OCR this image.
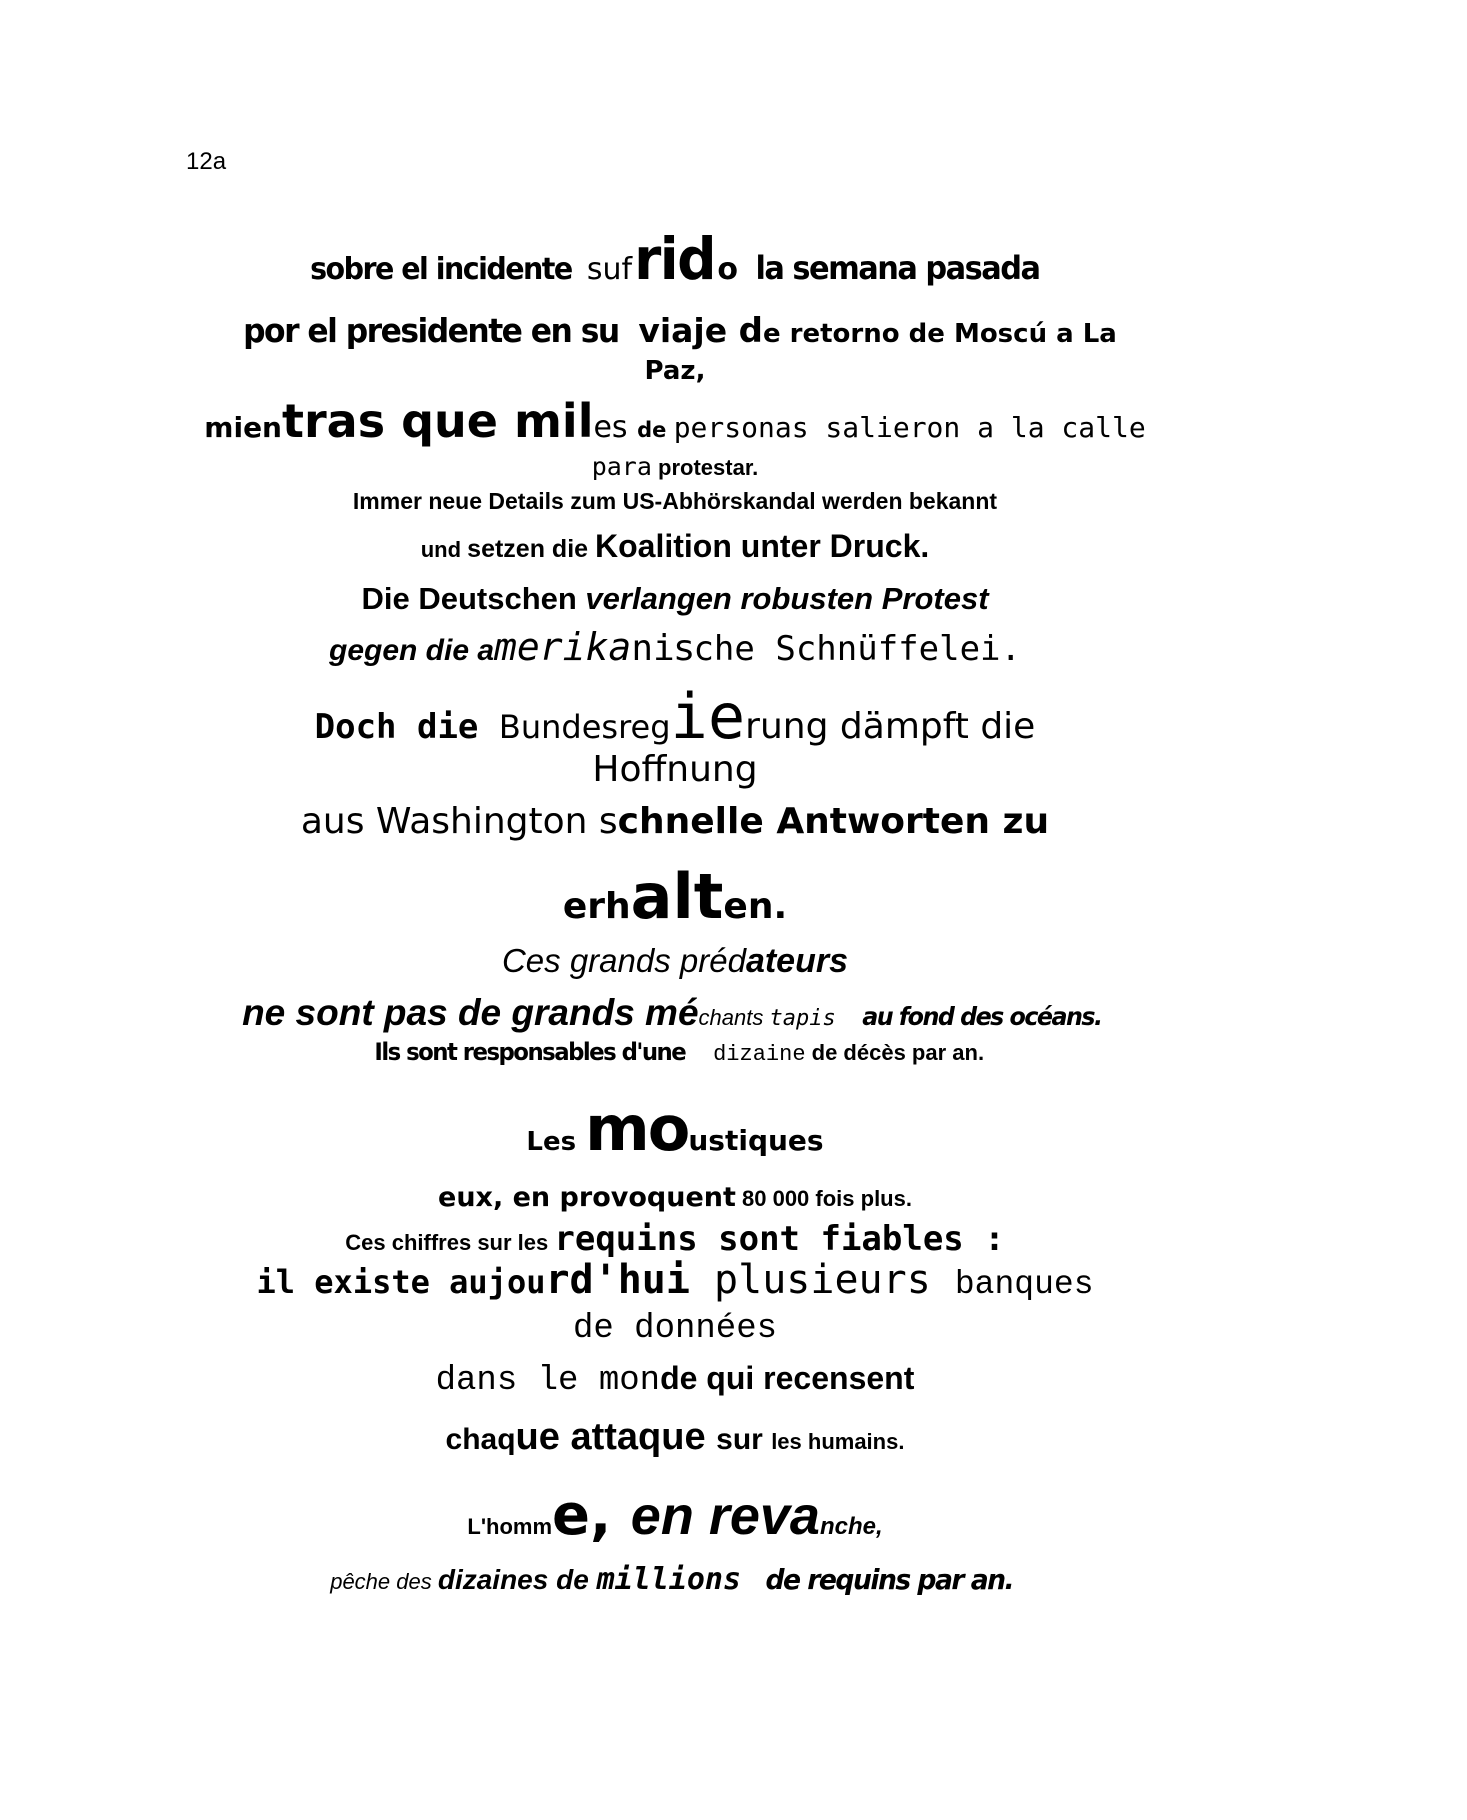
12a
sobre el incidente sufrido la semana pasada
por el presidente en su viaje de retorno de Moscú a La
Paz,
mientras que miles de personas salieron a la calle
para protestar.
Immer neue Details zum US-Abhörskandal werden bekannt
und setzen die Koalition unter Druck.
Die Deutschen verlangen robusten Protest
gegen die amerikanische Schnüffelei.
Doch die Bundesregierung dämpft die
Hoffnung
aus Washington schnelle Antworten zu
erhalten.
Ces grands prédateurs
ne sont pas de grands méchants tapis  au fond des océans.
Ils sont responsables d'une  dizaine de décès par an.
Les moustiques
eux, en provoquent 80 000 fois plus.
Ces chiffres sur les requins sont fiables :
il existe aujourd'hui plusieurs banques
de données
dans le monde qui recensent
chaque attaque sur les humains.
L'homme, en revanche,
pêche des dizaines de millions de requins par an.
